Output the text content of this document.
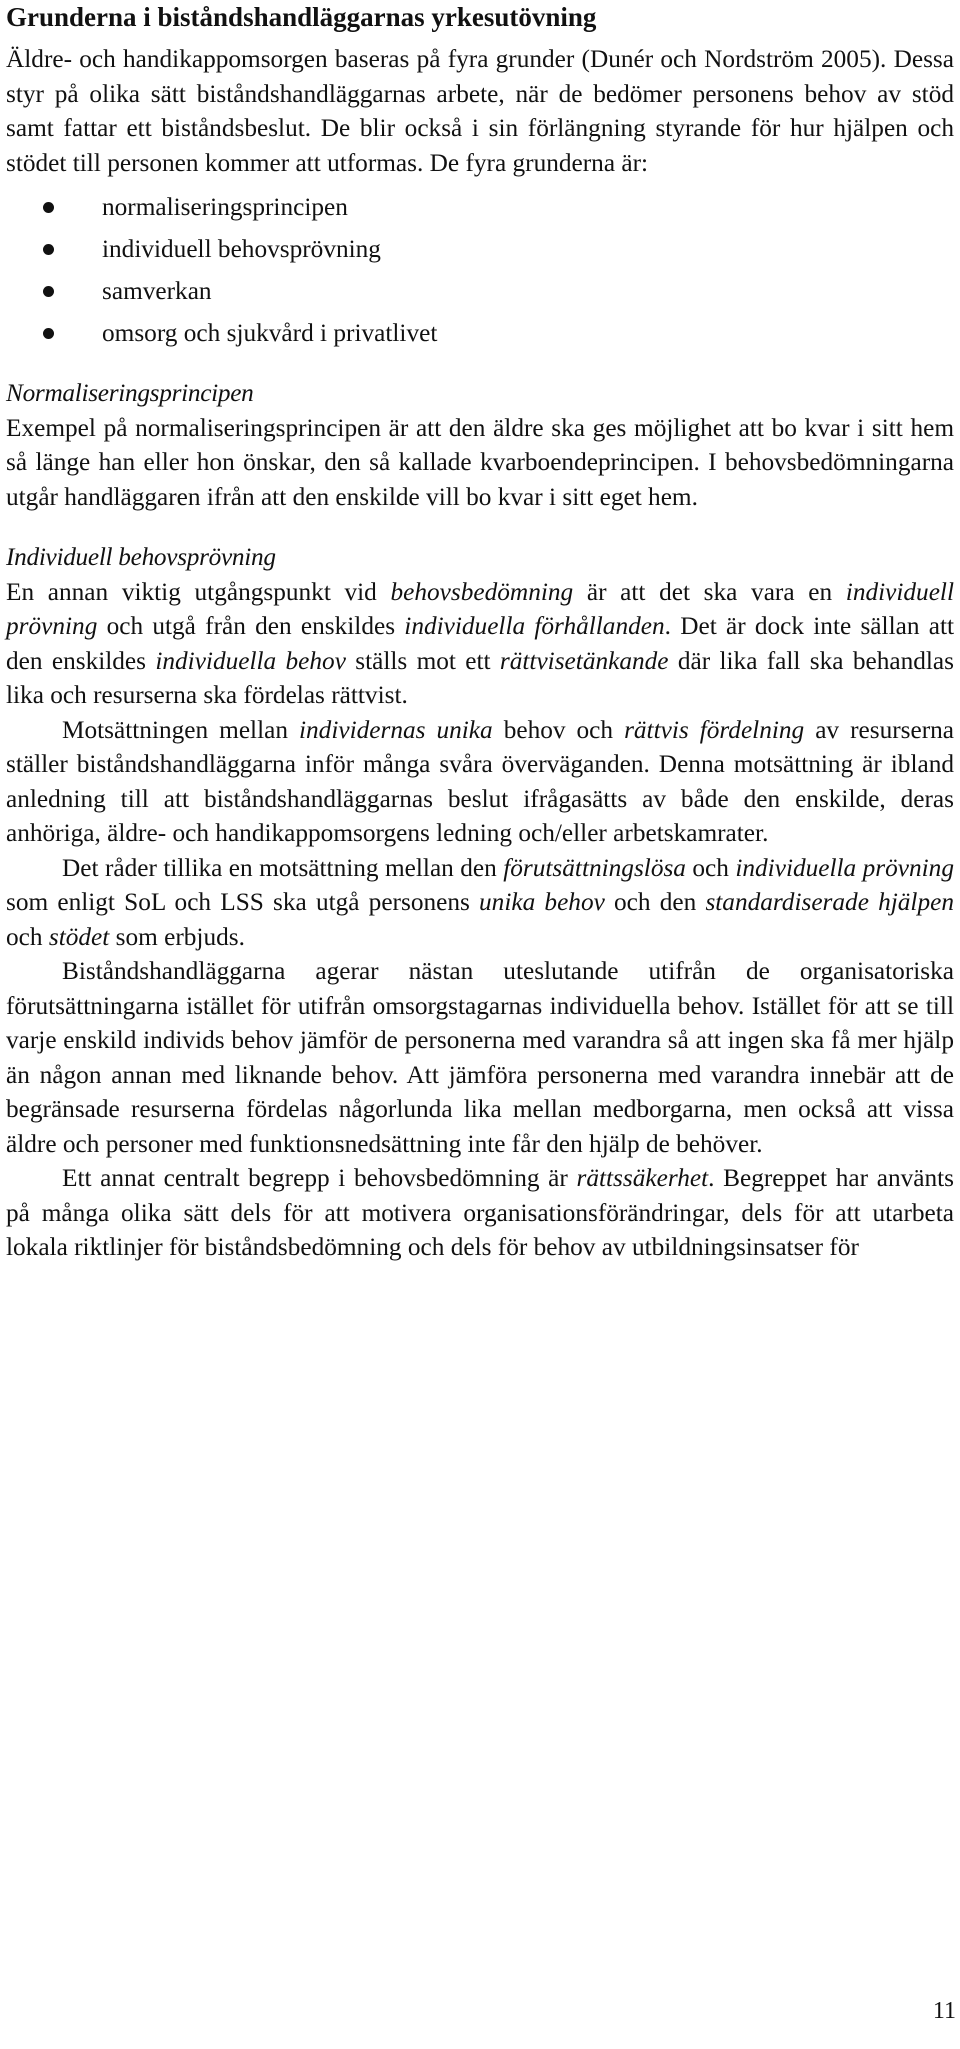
Grunderna i biståndshandläggarnas yrkesutövning

Äldre- och handikappomsorgen baseras på fyra grunder (Dunér och Nordström 2005). Dessa styr på olika sätt biståndshandläggarnas arbete, när de bedömer personens behov av stöd samt fattar ett biståndsbeslut. De blir också i sin förlängning styrande för hur hjälpen och stödet till personen kommer att utformas. De fyra grunderna är:

normaliseringsprincipen
individuell behovsprövning
samverkan
omsorg och sjukvård i privatlivet

Normaliseringsprincipen

Exempel på normaliseringsprincipen är att den äldre ska ges möjlighet att bo kvar i sitt hem så länge han eller hon önskar, den så kallade kvarboendeprincipen. I behovsbedömningarna utgår handläggaren ifrån att den enskilde vill bo kvar i sitt eget hem.

Individuell behovsprövning

En annan viktig utgångspunkt vid behovsbedömning är att det ska vara en individuell prövning och utgå från den enskildes individuella förhållanden. Det är dock inte sällan att den enskildes individuella behov ställs mot ett rättvisetänkande där lika fall ska behandlas lika och resurserna ska fördelas rättvist.

Motsättningen mellan individernas unika behov och rättvis fördelning av resurserna ställer biståndshandläggarna inför många svåra överväganden. Denna motsättning är ibland anledning till att biståndshandläggarnas beslut ifrågasätts av både den enskilde, deras anhöriga, äldre- och handikappomsorgens ledning och/eller arbetskamrater.

Det råder tillika en motsättning mellan den förutsättningslösa och individuella prövning som enligt SoL och LSS ska utgå personens unika behov och den standardiserade hjälpen och stödet som erbjuds.

Biståndshandläggarna agerar nästan uteslutande utifrån de organisatoriska förutsättningarna istället för utifrån omsorgstagarnas individuella behov. Istället för att se till varje enskild individs behov jämför de personerna med varandra så att ingen ska få mer hjälp än någon annan med liknande behov. Att jämföra personerna med varandra innebär att de begränsade resurserna fördelas någorlunda lika mellan medborgarna, men också att vissa äldre och personer med funktionsnedsättning inte får den hjälp de behöver.

Ett annat centralt begrepp i behovsbedömning är rättssäkerhet. Begreppet har använts på många olika sätt dels för att motivera organisationsförändringar, dels för att utarbeta lokala riktlinjer för biståndsbedömning och dels för behov av utbildningsinsatser för

11
